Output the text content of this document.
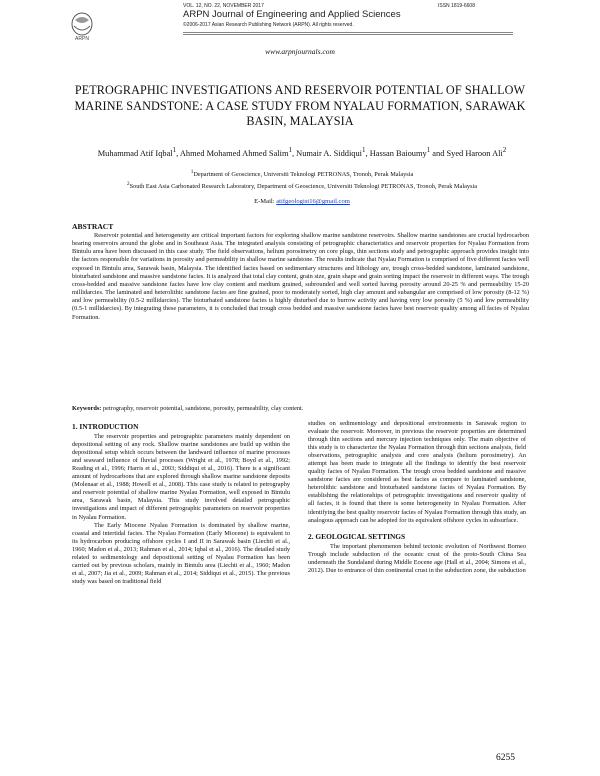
ARPN
VOL. 12, NO. 22, NOVEMBER 2017	ISSN 1819-6608
ARPN Journal of Engineering and Applied Sciences
©2006-2017 Asian Research Publishing Network (ARPN). All rights reserved.
www.arpnjournals.com
PETROGRAPHIC INVESTIGATIONS AND RESERVOIR POTENTIAL OF SHALLOW MARINE SANDSTONE: A CASE STUDY FROM NYALAU FORMATION, SARAWAK BASIN, MALAYSIA
Muhammad Atif Iqbal$^1$, Ahmed Mohamed Ahmed Salim$^1$, Numair A. Siddiqui$^1$, Hassan Baioumy$^1$ and Syed Haroon Ali$^2$
$^1$Department of Geoscience, Universiti Teknologi PETRONAS, Tronoh, Perak Malaysia
$^2$South East Asia Carbonated Research Laboratory, Department of Geoscience, Universiti Teknologi PETRONAS, Tronoh, Perak Malaysia
E-Mail: atifgeologist16@gmail.com
ABSTRACT
Reservoir potential and heterogeneity are critical important factors for exploring shallow marine sandstone reservoirs. Shallow marine sandstones are crucial hydrocarbon bearing reservoirs around the globe and in Southeast Asia. The integrated analysis consisting of petrographic characteristics and reservoir properties for Nyalau Formation from Bintulu area have been discussed in this case study. The field observations, helium porosimetry on core plugs, thin sections study and petrographic approach provides insight into the factors responsible for variations in porosity and permeability in shallow marine sandstone. The results indicate that Nyalau Formation is comprised of five different facies well exposed in Bintulu area, Sarawak basin, Malaysia. The identified facies based on sedimentary structures and lithology are, trough cross-bedded sandstone, laminated sandstone, bioturbated sandstone and massive sandstone facies. It is analyzed that total clay content, grain size, grain shape and grain sorting impact the reservoir in different ways. The trough cross-bedded and massive sandstone facies have low clay content and medium grained, subrounded and well sorted having porosity around 20-25 % and permeability 15-20 millidarcies. The laminated and heterolithic sandstone facies are fine grained, poor to moderately sorted, high clay amount and subangular are comprised of low porosity (8-12 %) and low permeability (0.5-2 millidarcies). The bioturbated sandstone facies is highly disturbed due to burrow activity and having very low porosity (5 %) and low permeability (0.5-1 millidarcies). By integrating these parameters, it is concluded that trough cross bedded and massive sandstone facies have best reservoir quality among all facies of Nyalau Formation.
Keywords: petrography, reservoir potential, sandstone, porosity, permeability, clay content.
1. INTRODUCTION

The reservoir properties and petrographic parameters mainly dependent on depositional setting of any rock. Shallow marine sandstones are build up within the depositional setup which occurs between the landward influence of marine processes and seaward influence of fluvial processes (Wright et al., 1978; Boyd et al., 1992; Reading et al., 1996; Harris et al., 2003; Siddiqui et al., 2016). There is a significant amount of hydrocarbons that are explored through shallow marine sandstone deposits (Molenaar et al., 1988; Howell et al., 2008). This case study is related to petrography and reservoir potential of shallow marine Nyalau Formation, well exposed in Bintulu area, Sarawak basin, Malaysia. This study involved detailed petrographic investigations and impact of different petrographic parameters on reservoir properties in Nyalau Formation.

The Early Miocene Nyalau Formation is dominated by shallow marine, coastal and intertidal facies. The Nyalau Formation (Early Miocene) is equivalent to its hydrocarbon producing offshore cycles I and II in Sarawak basin (Liechti et al., 1960; Madon et al., 2013; Rahman et al., 2014; Iqbal et al., 2016). The detailed study related to sedimentology and depositional setting of Nyalau Formation has been carried out by previous scholars, mainly in Bintulu area (Liechti et al., 1960; Madon et al., 2007; Jia et al., 2009; Rahman et al., 2014; Siddiqui et al., 2015). The previous study was based on traditional field

studies on sedimentology and depositional environments in Sarawak region to evaluate the reservoir. Moreover, in previous the reservoir properties are determined through thin sections and mercury injection techniques only. The main objective of this study is to characterize the Nyalau Formation through thin sections analysis, field observations, petrographic analysis and core analysis (helium porosimetry). An attempt has been made to integrate all the findings to identify the best reservoir quality facies of Nyalau Formation. The trough cross bedded sandstone and massive sandstone facies are considered as best facies as compare to laminated sandstone, heterolithic sandstone and bioturbated sandstone facies of Nyalau Formation. By establishing the relationships of petrographic investigations and reservoir quality of all facies, it is found that there is some heterogeneity in Nyalau Formation. After identifying the best quality reservoir facies of Nyalau Formation through this study, an analogous approach can be adopted for its equivalent offshore cycles in subsurface.

2. GEOLOGICAL SETTINGS

The important phenomenon behind tectonic evolution of Northwest Borneo Trough include subduction of the oceanic crust of the proto-South China Sea underneath the Sundaland during Middle Eocene age (Hall et al., 2004; Simons et al., 2012). Due to entrance of thin continental crust in the subduction zone, the subduction

6255
